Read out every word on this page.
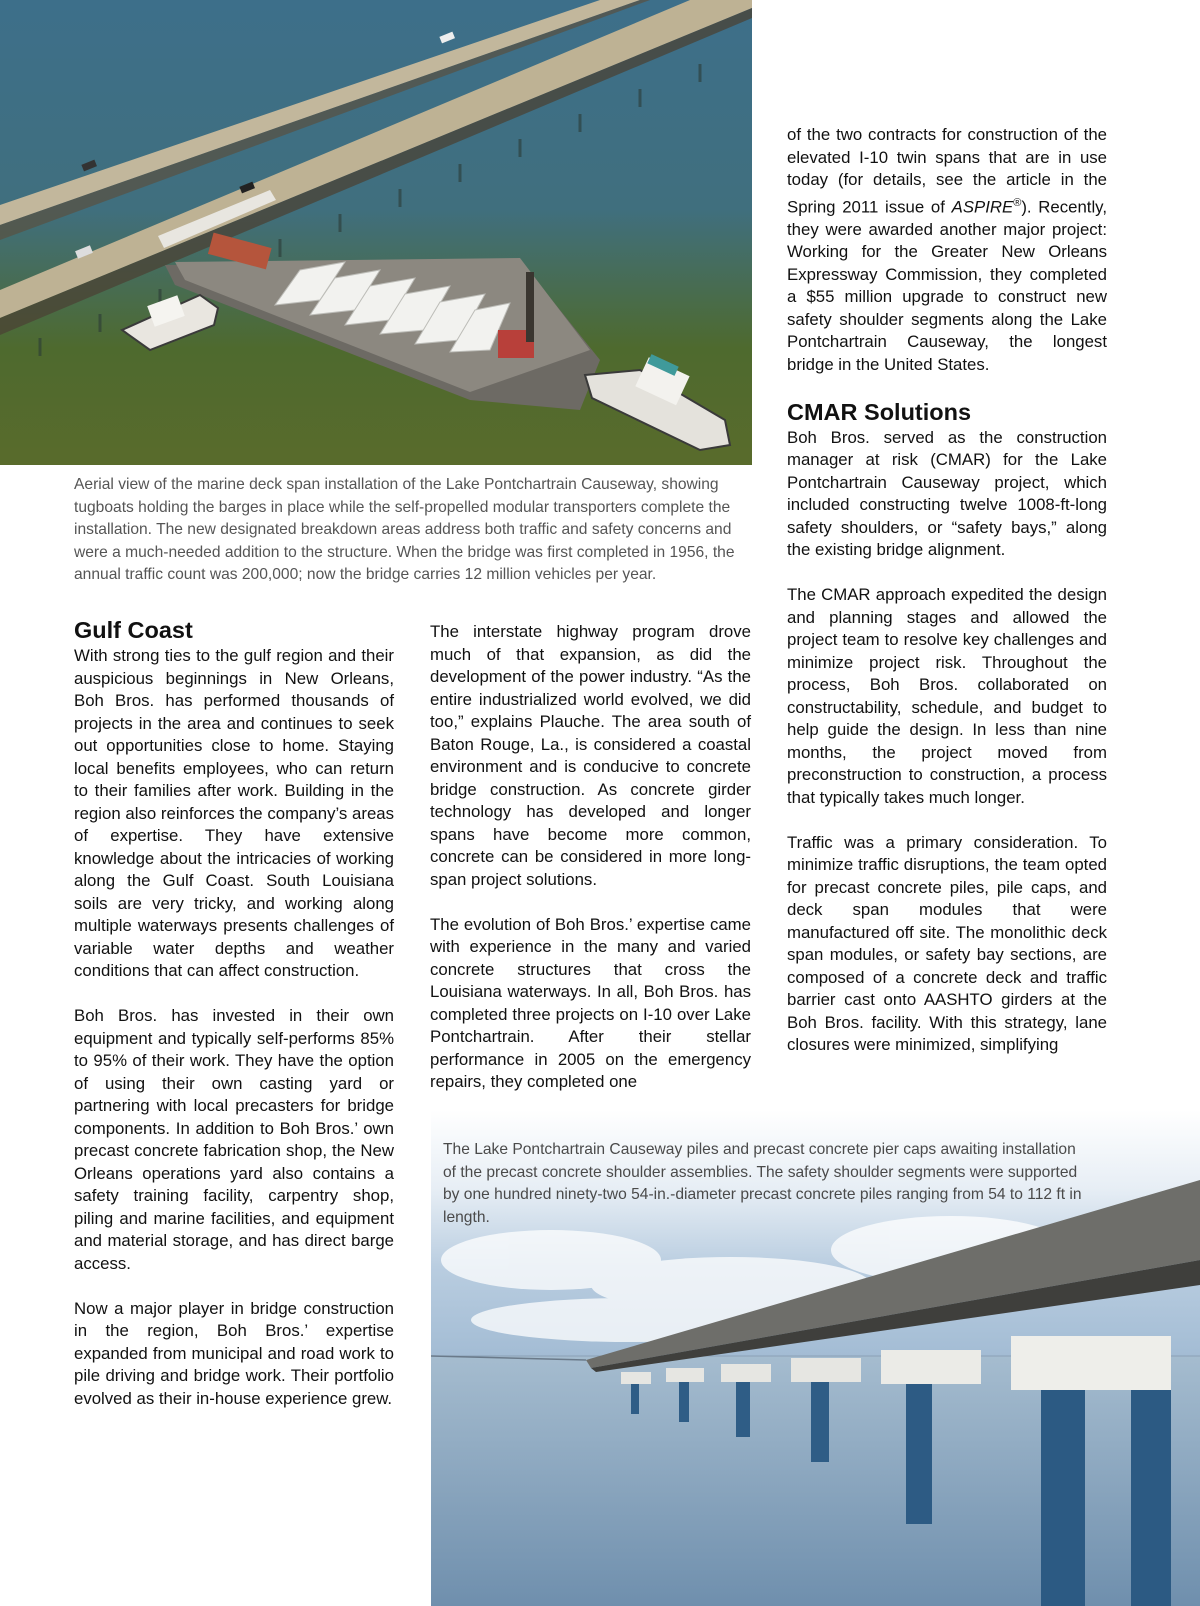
Aerial view of the marine deck span installation of the Lake Pontchartrain Causeway, showing tugboats holding the barges in place while the self-propelled modular transporters complete the installation. The new designated breakdown areas address both traffic and safety concerns and were a much-needed addition to the structure. When the bridge was first completed in 1956, the annual traffic count was 200,000; now the bridge carries 12 million vehicles per year.

of the two contracts for construction of the elevated I-10 twin spans that are in use today (for details, see the article in the Spring 2011 issue of ASPIRE®). Recently, they were awarded another major project: Working for the Greater New Orleans Expressway Commission, they completed a $55 million upgrade to construct new safety shoulder segments along the Lake Pontchartrain Causeway, the longest bridge in the United States.

CMAR Solutions

Boh Bros. served as the construction manager at risk (CMAR) for the Lake Pontchartrain Causeway project, which included constructing twelve 1008-ft-long safety shoulders, or “safety bays,” along the existing bridge alignment.

The CMAR approach expedited the design and planning stages and allowed the project team to resolve key challenges and minimize project risk. Throughout the process, Boh Bros. collaborated on constructability, schedule, and budget to help guide the design. In less than nine months, the project moved from preconstruction to construction, a process that typically takes much longer.

Traffic was a primary consideration. To minimize traffic disruptions, the team opted for precast concrete piles, pile caps, and deck span modules that were manufactured off site. The monolithic deck span modules, or safety bay sections, are composed of a concrete deck and traffic barrier cast onto AASHTO girders at the Boh Bros. facility. With this strategy, lane closures were minimized, simplifying

Gulf Coast

With strong ties to the gulf region and their auspicious beginnings in New Orleans, Boh Bros. has performed thousands of projects in the area and continues to seek out opportunities close to home. Staying local benefits employees, who can return to their families after work. Building in the region also reinforces the company’s areas of expertise. They have extensive knowledge about the intricacies of working along the Gulf Coast. South Louisiana soils are very tricky, and working along multiple waterways presents challenges of variable water depths and weather conditions that can affect construction.

Boh Bros. has invested in their own equipment and typically self-performs 85% to 95% of their work. They have the option of using their own casting yard or partnering with local precasters for bridge components. In addition to Boh Bros.’ own precast concrete fabrication shop, the New Orleans operations yard also contains a safety training facility, carpentry shop, piling and marine facilities, and equipment and material storage, and has direct barge access.

Now a major player in bridge construction in the region, Boh Bros.’ expertise expanded from municipal and road work to pile driving and bridge work. Their portfolio evolved as their in-house experience grew.

The interstate highway program drove much of that expansion, as did the development of the power industry. “As the entire industrialized world evolved, we did too,” explains Plauche. The area south of Baton Rouge, La., is considered a coastal environment and is conducive to concrete bridge construction. As concrete girder technology has developed and longer spans have become more common, concrete can be considered in more long-span project solutions.

The evolution of Boh Bros.’ expertise came with experience in the many and varied concrete structures that cross the Louisiana waterways. In all, Boh Bros. has completed three projects on I-10 over Lake Pontchartrain. After their stellar performance in 2005 on the emergency repairs, they completed one

The Lake Pontchartrain Causeway piles and precast concrete pier caps awaiting installation of the precast concrete shoulder assemblies. The safety shoulder segments were supported by one hundred ninety-two 54-in.-diameter precast concrete piles ranging from 54 to 112 ft in length.
